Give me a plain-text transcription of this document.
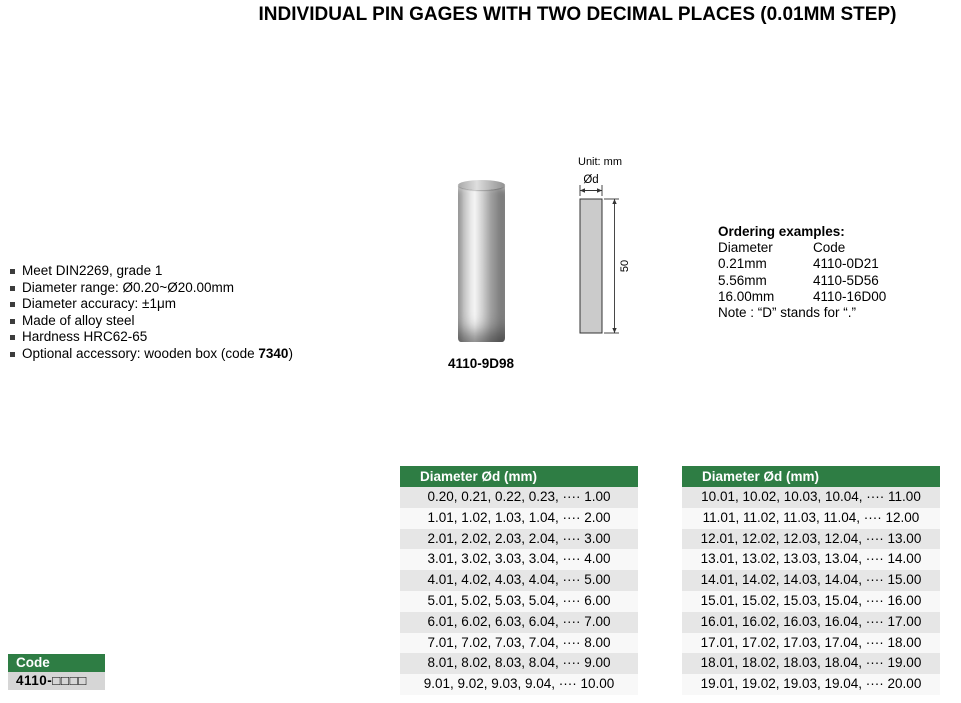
INDIVIDUAL PIN GAGES WITH TWO DECIMAL PLACES (0.01MM STEP)
Meet DIN2269, grade 1
Diameter range: Ø0.20~Ø20.00mm
Diameter accuracy: ±1μm
Made of alloy steel
Hardness HRC62-65
Optional accessory: wooden box (code 7340)
4110-9D98
Unit: mm
Ød
50
Ordering examples:
Diameter	Code
0.21mm	4110-0D21
5.56mm	4110-5D56
16.00mm	4110-16D00
Note : “D” stands for “.”
Code
4110-□□□□
Diameter Ød (mm)
0.20, 0.21, 0.22, 0.23, ···· 1.00
1.01, 1.02, 1.03, 1.04, ···· 2.00
2.01, 2.02, 2.03, 2.04, ···· 3.00
3.01, 3.02, 3.03, 3.04, ···· 4.00
4.01, 4.02, 4.03, 4.04, ···· 5.00
5.01, 5.02, 5.03, 5.04, ···· 6.00
6.01, 6.02, 6.03, 6.04, ···· 7.00
7.01, 7.02, 7.03, 7.04, ···· 8.00
8.01, 8.02, 8.03, 8.04, ···· 9.00
9.01, 9.02, 9.03, 9.04, ···· 10.00
Diameter Ød (mm)
10.01, 10.02, 10.03, 10.04, ···· 11.00
11.01, 11.02, 11.03, 11.04, ···· 12.00
12.01, 12.02, 12.03, 12.04, ···· 13.00
13.01, 13.02, 13.03, 13.04, ···· 14.00
14.01, 14.02, 14.03, 14.04, ···· 15.00
15.01, 15.02, 15.03, 15.04, ···· 16.00
16.01, 16.02, 16.03, 16.04, ···· 17.00
17.01, 17.02, 17.03, 17.04, ···· 18.00
18.01, 18.02, 18.03, 18.04, ···· 19.00
19.01, 19.02, 19.03, 19.04, ···· 20.00
